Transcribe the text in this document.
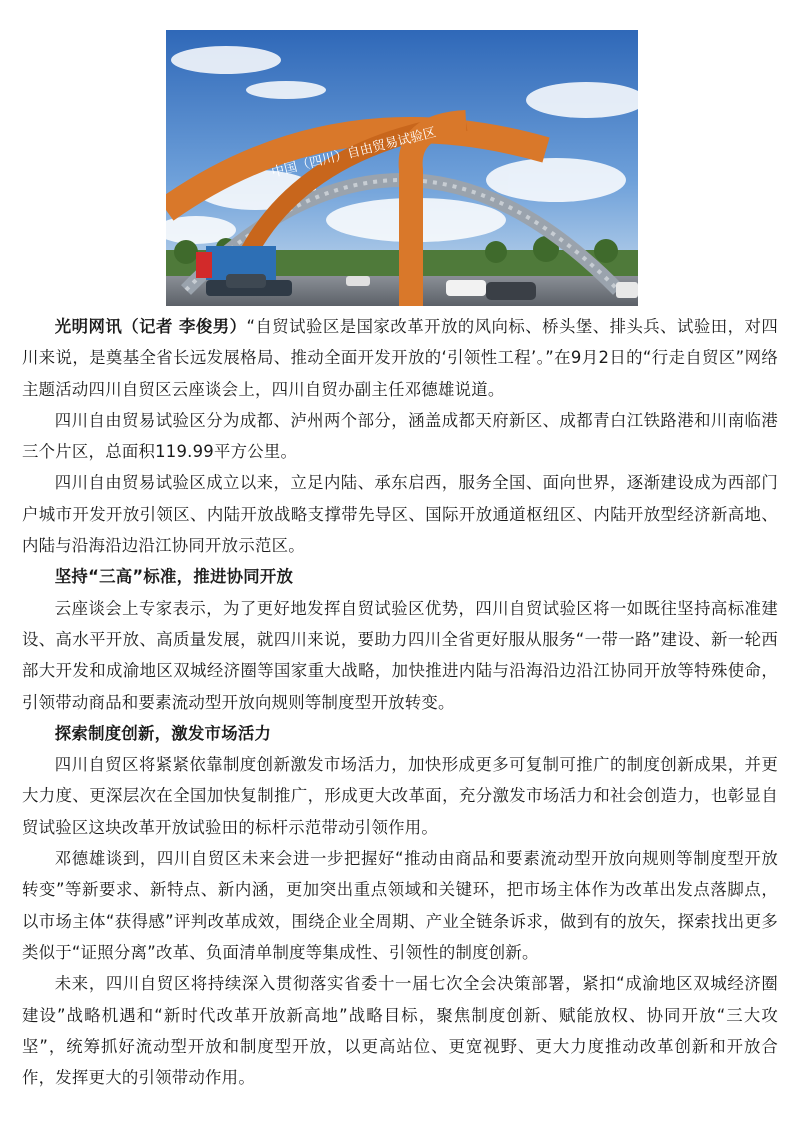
中国（四川）自由贸易试验区

光明网讯（记者 李俊男）“自贸试验区是国家改革开放的风向标、桥头堡、排头兵、试验田，对四川来说，是奠基全省长远发展格局、推动全面开发开放的‘引领性工程’。”在9月2日的“行走自贸区”网络主题活动四川自贸区云座谈会上，四川自贸办副主任邓德雄说道。

四川自由贸易试验区分为成都、泸州两个部分，涵盖成都天府新区、成都青白江铁路港和川南临港三个片区，总面积119.99平方公里。

四川自由贸易试验区成立以来，立足内陆、承东启西，服务全国、面向世界，逐渐建设成为西部门户城市开发开放引领区、内陆开放战略支撑带先导区、国际开放通道枢纽区、内陆开放型经济新高地、内陆与沿海沿边沿江协同开放示范区。

坚持“三高”标准，推进协同开放

云座谈会上专家表示，为了更好地发挥自贸试验区优势，四川自贸试验区将一如既往坚持高标准建设、高水平开放、高质量发展，就四川来说，要助力四川全省更好服从服务“一带一路”建设、新一轮西部大开发和成渝地区双城经济圈等国家重大战略，加快推进内陆与沿海沿边沿江协同开放等特殊使命，引领带动商品和要素流动型开放向规则等制度型开放转变。

探索制度创新，激发市场活力

四川自贸区将紧紧依靠制度创新激发市场活力，加快形成更多可复制可推广的制度创新成果，并更大力度、更深层次在全国加快复制推广，形成更大改革面，充分激发市场活力和社会创造力，也彰显自贸试验区这块改革开放试验田的标杆示范带动引领作用。

邓德雄谈到，四川自贸区未来会进一步把握好“推动由商品和要素流动型开放向规则等制度型开放转变”等新要求、新特点、新内涵，更加突出重点领域和关键环，把市场主体作为改革出发点落脚点，以市场主体“获得感”评判改革成效，围绕企业全周期、产业全链条诉求，做到有的放矢，探索找出更多类似于“证照分离”改革、负面清单制度等集成性、引领性的制度创新。

未来，四川自贸区将持续深入贯彻落实省委十一届七次全会决策部署，紧扣“成渝地区双城经济圈建设”战略机遇和“新时代改革开放新高地”战略目标，聚焦制度创新、赋能放权、协同开放“三大攻坚”，统筹抓好流动型开放和制度型开放，以更高站位、更宽视野、更大力度推动改革创新和开放合作，发挥更大的引领带动作用。
